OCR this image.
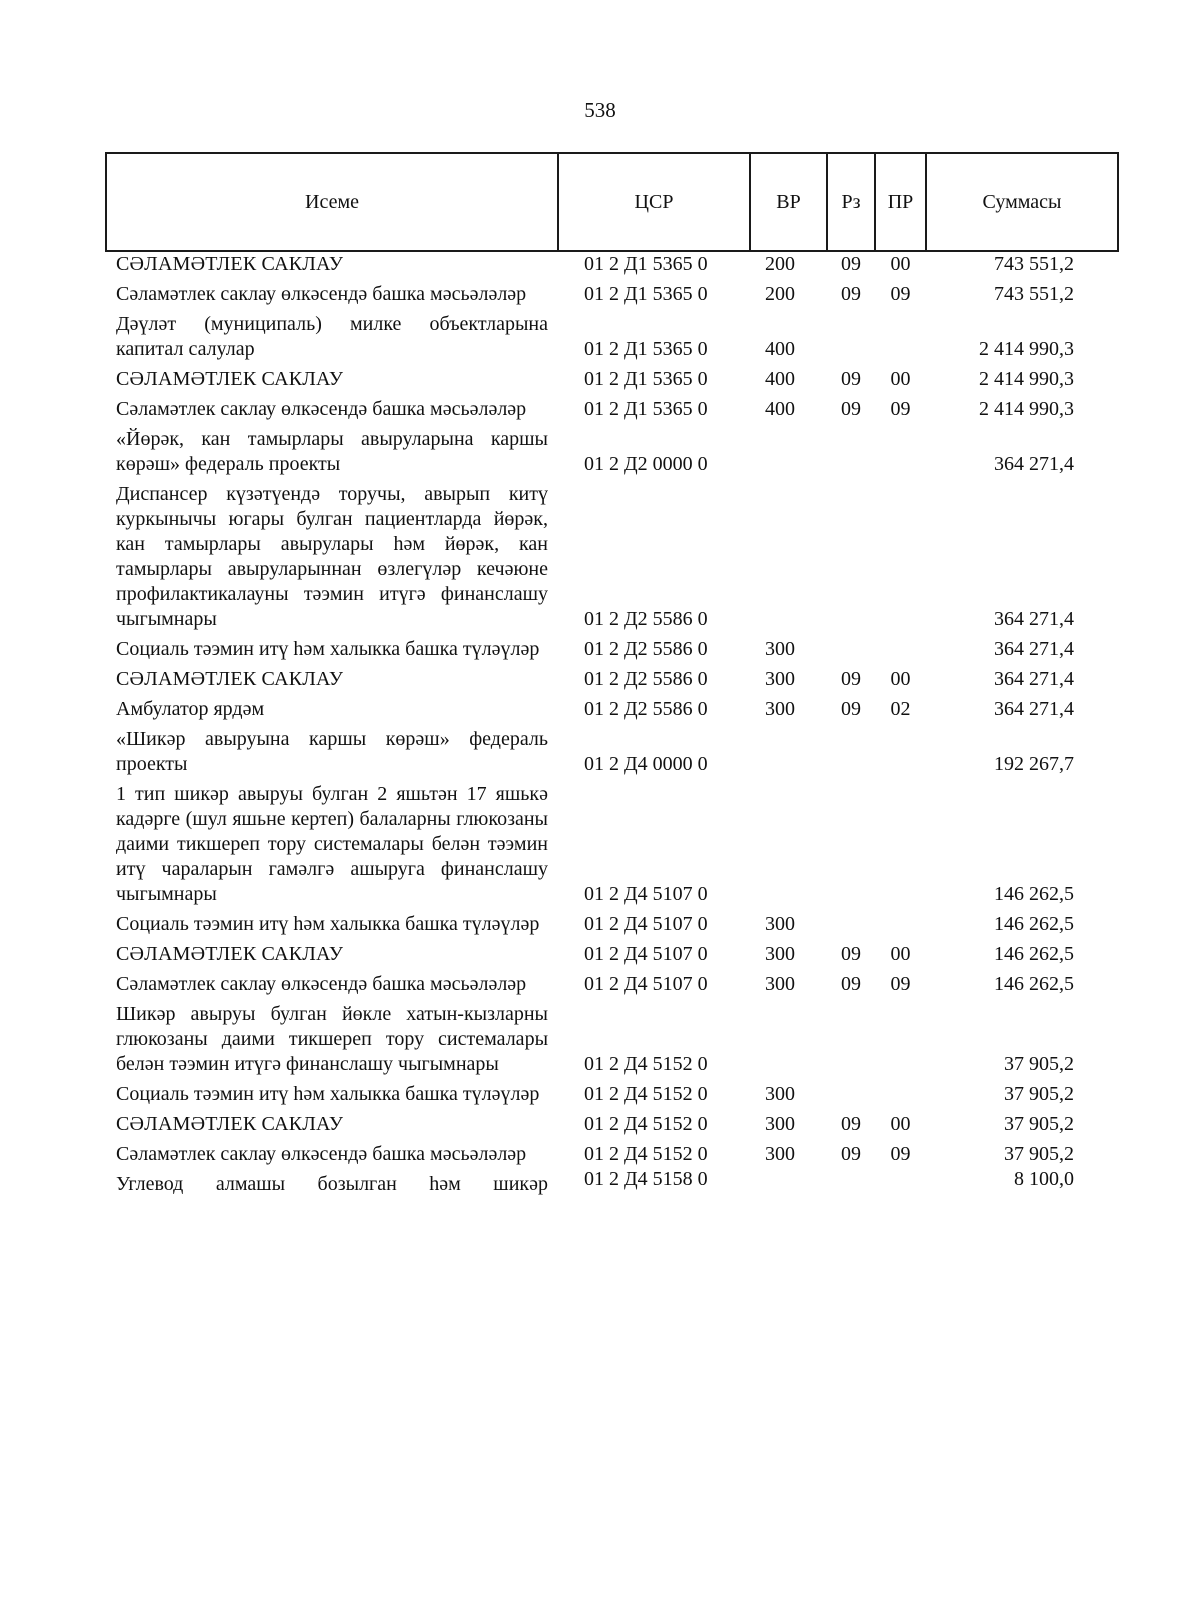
538
Исеме	ЦСР	ВР	Рз	ПР	Суммасы
СӘЛАМӘТЛЕК САКЛАУ	01 2 Д1 5365 0	200	09	00	743 551,2
Сәламәтлек саклау өлкәсендә башка мәсьәләләр	01 2 Д1 5365 0	200	09	09	743 551,2
Дәүләт (муниципаль) милке объектларына капитал салулар	01 2 Д1 5365 0	400			2 414 990,3
СӘЛАМӘТЛЕК САКЛАУ	01 2 Д1 5365 0	400	09	00	2 414 990,3
Сәламәтлек саклау өлкәсендә башка мәсьәләләр	01 2 Д1 5365 0	400	09	09	2 414 990,3
«Йөрәк, кан тамырлары авыруларына каршы көрәш» федераль проекты	01 2 Д2 0000 0				364 271,4
Диспансер күзәтүендә торучы, авырып китү куркынычы югары булган пациентларда йөрәк, кан тамырлары авырулары һәм йөрәк, кан тамырлары авыруларыннан өзлегүләр кечәюне профилактикалауны тәэмин итүгә финанслашу чыгымнары	01 2 Д2 5586 0				364 271,4
Социаль тәэмин итү һәм халыкка башка түләүләр	01 2 Д2 5586 0	300			364 271,4
СӘЛАМӘТЛЕК САКЛАУ	01 2 Д2 5586 0	300	09	00	364 271,4
Амбулатор ярдәм	01 2 Д2 5586 0	300	09	02	364 271,4
«Шикәр авыруына каршы көрәш» федераль проекты	01 2 Д4 0000 0				192 267,7
1 тип шикәр авыруы булган 2 яшьтән 17 яшькә кадәрге (шул яшьне кертеп) балаларны глюкозаны даими тикшереп тору системалары белән тәэмин итү чараларын гамәлгә ашыруга финанслашу чыгымнары	01 2 Д4 5107 0				146 262,5
Социаль тәэмин итү һәм халыкка башка түләүләр	01 2 Д4 5107 0	300			146 262,5
СӘЛАМӘТЛЕК САКЛАУ	01 2 Д4 5107 0	300	09	00	146 262,5
Сәламәтлек саклау өлкәсендә башка мәсьәләләр	01 2 Д4 5107 0	300	09	09	146 262,5
Шикәр авыруы булган йөкле хатын-кызларны глюкозаны даими тикшереп тору системалары белән тәэмин итүгә финанслашу чыгымнары	01 2 Д4 5152 0				37 905,2
Социаль тәэмин итү һәм халыкка башка түләүләр	01 2 Д4 5152 0	300			37 905,2
СӘЛАМӘТЛЕК САКЛАУ	01 2 Д4 5152 0	300	09	00	37 905,2
Сәламәтлек саклау өлкәсендә башка мәсьәләләр	01 2 Д4 5152 0	300	09	09	37 905,2
Углевод алмашы бозылган һәм шикәр	01 2 Д4 5158 0				8 100,0
